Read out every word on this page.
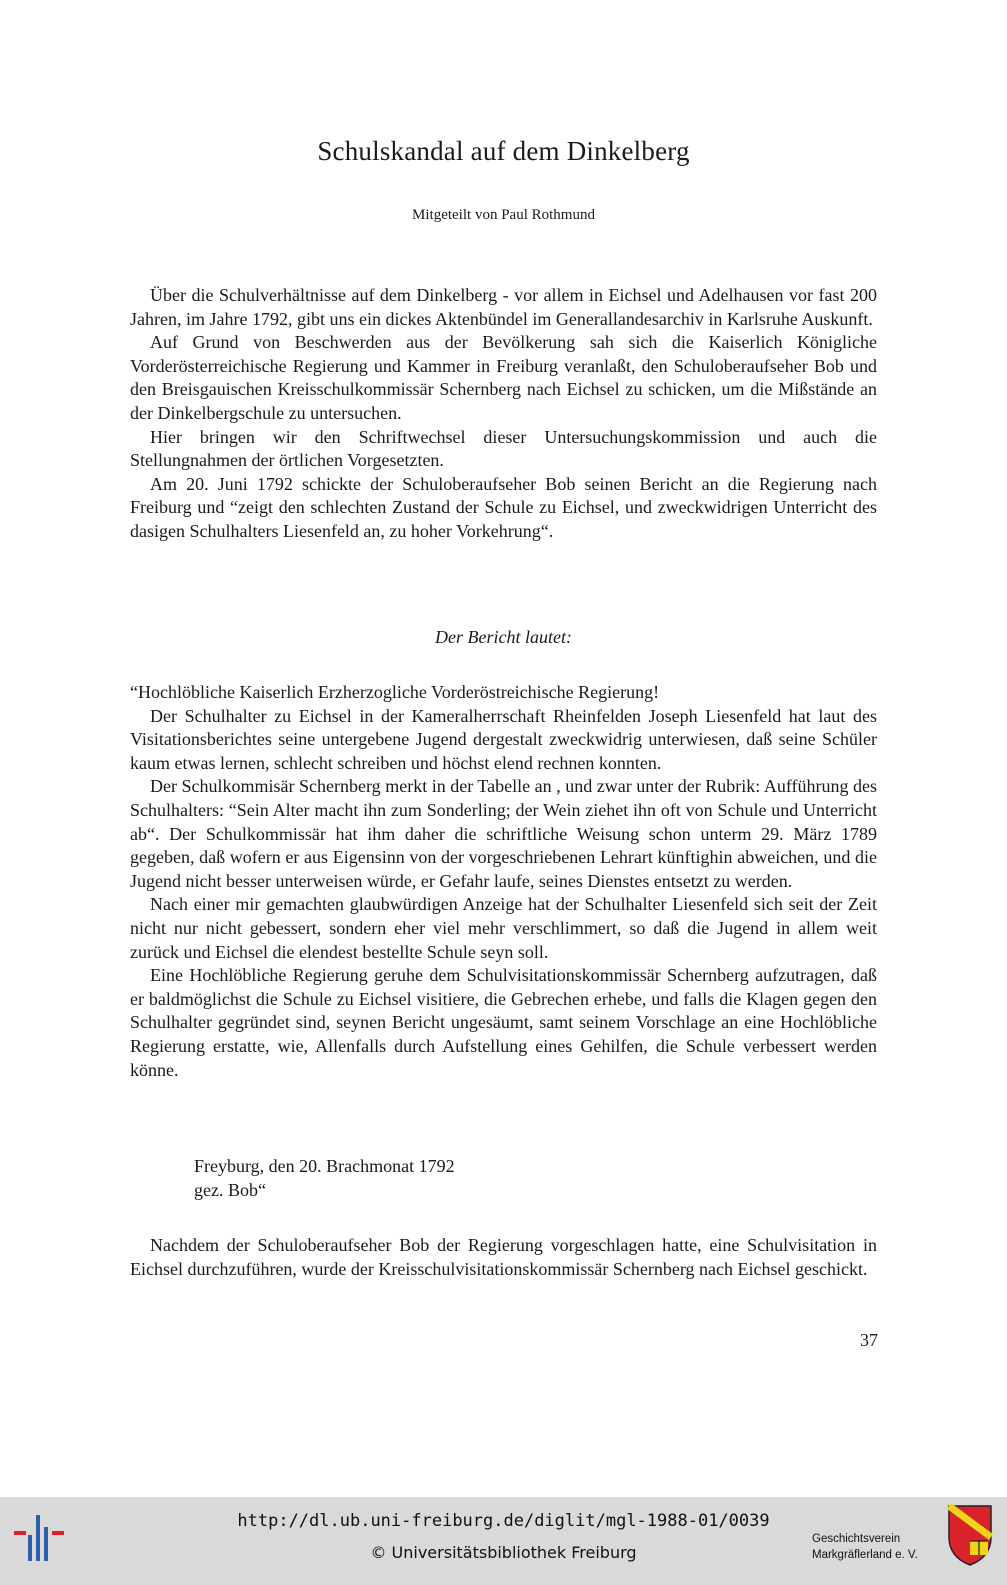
Schulskandal auf dem Dinkelberg
Mitgeteilt von Paul Rothmund

Über die Schulverhältnisse auf dem Dinkelberg - vor allem in Eichsel und Adelhausen vor fast 200 Jahren, im Jahre 1792, gibt uns ein dickes Aktenbündel im Generallandesarchiv in Karlsruhe Auskunft.

Auf Grund von Beschwerden aus der Bevölkerung sah sich die Kaiserlich Königliche Vorderösterreichische Regierung und Kammer in Freiburg veranlaßt, den Schuloberaufseher Bob und den Breisgauischen Kreisschulkommissär Schernberg nach Eichsel zu schicken, um die Mißstände an der Dinkelbergschule zu untersuchen.

Hier bringen wir den Schriftwechsel dieser Untersuchungskommission und auch die Stellungnahmen der örtlichen Vorgesetzten.

Am 20. Juni 1792 schickte der Schuloberaufseher Bob seinen Bericht an die Regierung nach Freiburg und “zeigt den schlechten Zustand der Schule zu Eichsel, und zweckwidrigen Unterricht des dasigen Schulhalters Liesenfeld an, zu hoher Vorkehrung“.

Der Bericht lautet:

“Hochlöbliche Kaiserlich Erzherzogliche Vorderöstreichische Regierung!

Der Schulhalter zu Eichsel in der Kameralherrschaft Rheinfelden Joseph Liesenfeld hat laut des Visitationsberichtes seine untergebene Jugend dergestalt zweckwidrig unterwiesen, daß seine Schüler kaum etwas lernen, schlecht schreiben und höchst elend rechnen konnten.

Der Schulkommisär Schernberg merkt in der Tabelle an , und zwar unter der Rubrik: Aufführung des Schulhalters: “Sein Alter macht ihn zum Sonderling; der Wein ziehet ihn oft von Schule und Unterricht ab“. Der Schulkommissär hat ihm daher die schriftliche Weisung schon unterm 29. März 1789 gegeben, daß wofern er aus Eigensinn von der vorgeschriebenen Lehrart künftighin abweichen, und die Jugend nicht besser unterweisen würde, er Gefahr laufe, seines Dienstes entsetzt zu werden.

Nach einer mir gemachten glaubwürdigen Anzeige hat der Schulhalter Liesenfeld sich seit der Zeit nicht nur nicht gebessert, sondern eher viel mehr verschlimmert, so daß die Jugend in allem weit zurück und Eichsel die elendest bestellte Schule seyn soll.

Eine Hochlöbliche Regierung geruhe dem Schulvisitationskommissär Schernberg aufzutragen, daß er baldmöglichst die Schule zu Eichsel visitiere, die Gebrechen erhebe, und falls die Klagen gegen den Schulhalter gegründet sind, seynen Bericht ungesäumt, samt seinem Vorschlage an eine Hochlöbliche Regierung erstatte, wie, Allenfalls durch Aufstellung eines Gehilfen, die Schule verbessert werden könne.

Freyburg, den 20. Brachmonat 1792
gez. Bob“

Nachdem der Schuloberaufseher Bob der Regierung vorgeschlagen hatte, eine Schulvisitation in Eichsel durchzuführen, wurde der Kreisschulvisitationskommissär Schernberg nach Eichsel geschickt.

37
http://dl.ub.uni-freiburg.de/diglit/mgl-1988-01/0039
© Universitätsbibliothek Freiburg
Geschichtsverein
Markgräflerland e. V.
